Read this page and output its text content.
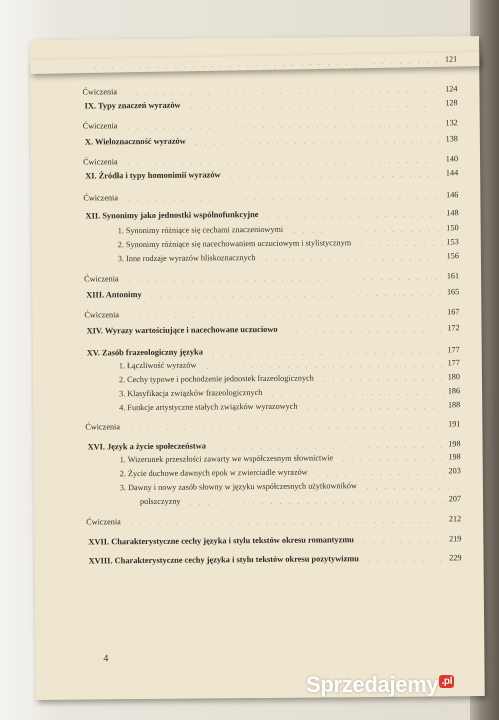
121
Ćwiczenia	124
IX. Typy znaczeń wyrazów	128
Ćwiczenia	132
X. Wieloznaczność wyrazów	138
Ćwiczenia	140
XI. Źródła i typy homonimii wyrazów	144
Ćwiczenia	146
XII. Synonimy jako jednostki wspólnofunkcyjne	148
1. Synonimy różniące się cechami znaczeniowymi	150
2. Synonimy różniące się nacechowaniem uczuciowym i stylistycznym	153
3. Inne rodzaje wyrazów bliskoznacznych	156
Ćwiczenia	161
XIII. Antonimy	165
Ćwiczenia	167
XIV. Wyrazy wartościujące i nacechowane uczuciowo	172
XV. Zasób frazeologiczny języka	177
1. Łączliwość wyrazów	177
2. Cechy typowe i pochodzenie jednostek frazeologicznych	180
3. Klasyfikacja związków frazeologicznych	186
4. Funkcje artystyczne stałych związków wyrazowych	188
Ćwiczenia	191
XVI. Język a życie społeczeństwa	198
1. Wizerunek przeszłości zawarty we współczesnym słownictwie	198
2. Życie duchowe dawnych epok w zwierciadle wyrazów	203
3. Dawny i nowy zasób słowny w języku współczesnych użytkowników
polszczyzny	207
Ćwiczenia	212
XVII. Charakterystyczne cechy języka i stylu tekstów okresu romantyzmu	219
XVIII. Charakterystyczne cechy języka i stylu tekstów okresu pozytywizmu	229
4
Sprzedajemy .pl
